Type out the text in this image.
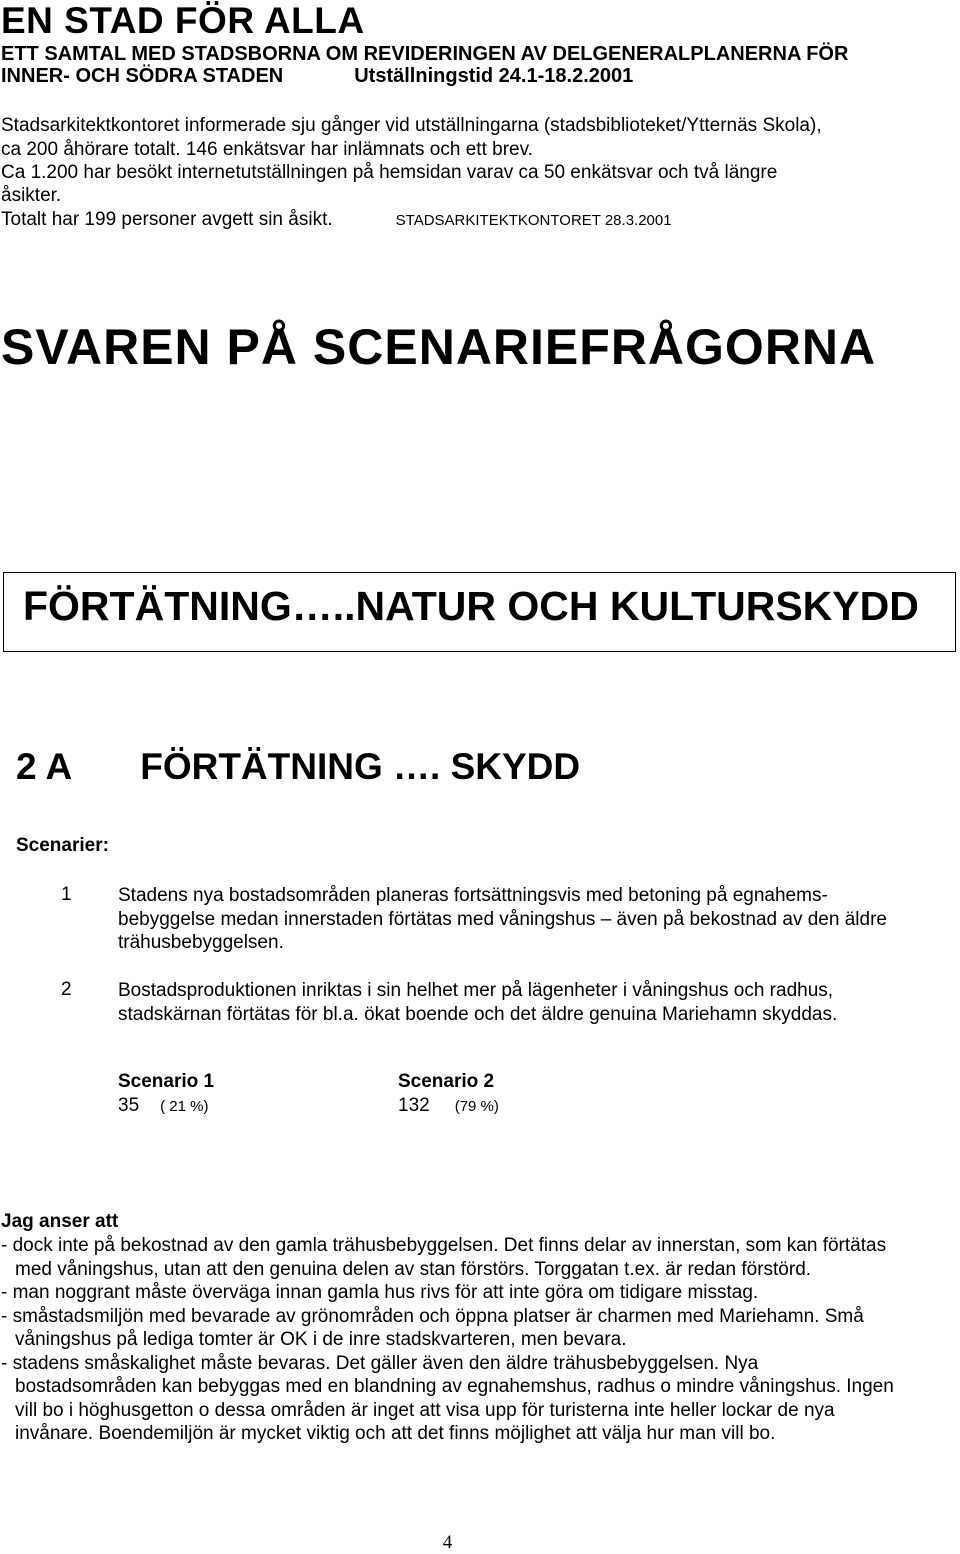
EN STAD FÖR ALLA
ETT SAMTAL MED STADSBORNA OM REVIDERINGEN AV DELGENERALPLANERNA FÖR
INNER- OCH SÖDRA STADEN	Utställningstid 24.1-18.2.2001
Stadsarkitektkontoret informerade sju gånger vid utställningarna (stadsbiblioteket/Ytternäs Skola),
ca 200 åhörare totalt. 146 enkätsvar har inlämnats och ett brev.
Ca 1.200 har besökt internetutställningen på hemsidan varav ca 50 enkätsvar och två längre
åsikter.
Totalt har 199 personer avgett sin åsikt.	STADSARKITEKTKONTORET 28.3.2001
SVAREN PÅ SCENARIEFRÅGORNA
FÖRTÄTNING…..NATUR OCH KULTURSKYDD
2 A FÖRTÄTNING …. SKYDD
Scenarier:
1 Stadens nya bostadsområden planeras fortsättningsvis med betoning på egnahems-bebyggelse medan innerstaden förtätas med våningshus – även på bekostnad av den äldre trähusbebyggelsen.
2 Bostadsproduktionen inriktas i sin helhet mer på lägenheter i våningshus och radhus, stadskärnan förtätas för bl.a. ökat boende och det äldre genuina Mariehamn skyddas.
Scenario 1	Scenario 2
35 ( 21 %)	132 (79 %)
Jag anser att

- dock inte på bekostnad av den gamla trähusbebyggelsen. Det finns delar av innerstan, som kan förtätas med våningshus, utan att den genuina delen av stan förstörs. Torggatan t.ex. är redan förstörd.

- man noggrant måste överväga innan gamla hus rivs för att inte göra om tidigare misstag.

- småstadsmiljön med bevarade av grönområden och öppna platser är charmen med Mariehamn. Små våningshus på lediga tomter är OK i de inre stadskvarteren, men bevara.

- stadens småskalighet måste bevaras. Det gäller även den äldre trähusbebyggelsen. Nya bostadsområden kan bebyggas med en blandning av egnahemshus, radhus o mindre våningshus. Ingen vill bo i höghusgetton o dessa områden är inget att visa upp för turisterna inte heller lockar de nya invånare. Boendemiljön är mycket viktig och att det finns möjlighet att välja hur man vill bo.

4
